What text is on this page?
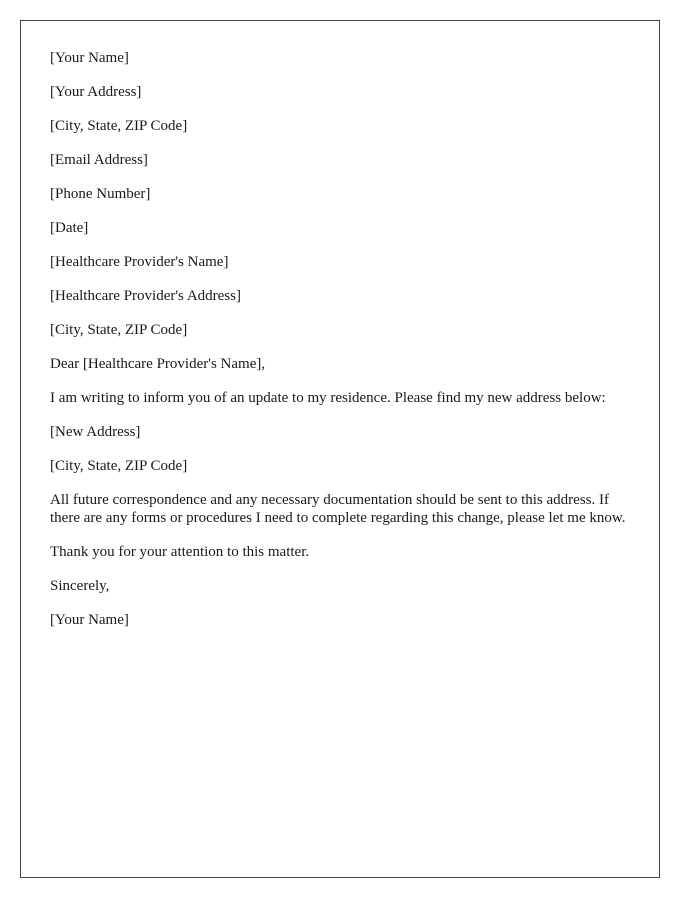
[Your Name]

[Your Address]

[City, State, ZIP Code]

[Email Address]

[Phone Number]

[Date]

[Healthcare Provider's Name]

[Healthcare Provider's Address]

[City, State, ZIP Code]

Dear [Healthcare Provider's Name],

I am writing to inform you of an update to my residence. Please find my new address below:

[New Address]

[City, State, ZIP Code]

All future correspondence and any necessary documentation should be sent to this address. If there are any forms or procedures I need to complete regarding this change, please let me know.

Thank you for your attention to this matter.

Sincerely,

[Your Name]
